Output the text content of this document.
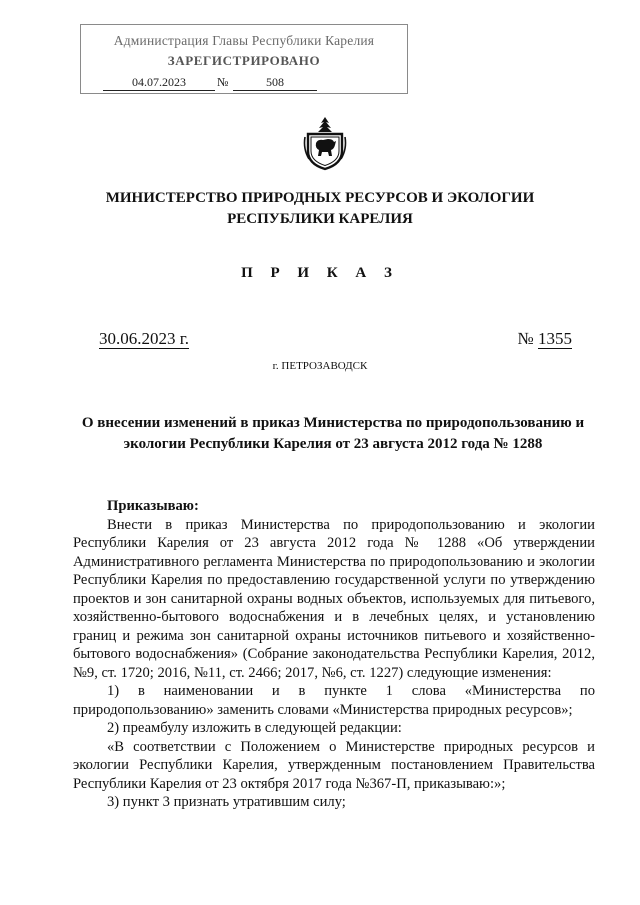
Администрация Главы Республики Карелия
ЗАРЕГИСТРИРОВАНО
04.07.2023	№	508
МИНИСТЕРСТВО ПРИРОДНЫХ РЕСУРСОВ И ЭКОЛОГИИ
РЕСПУБЛИКИ КАРЕЛИЯ
П Р И К А З
30.06.2023 г.	№ 1355
г. ПЕТРОЗАВОДСК
О внесении изменений в приказ Министерства по природопользованию и
экологии Республики Карелия от 23 августа 2012 года № 1288

Приказываю:

Внести в приказ Министерства по природопользованию и экологии Республики Карелия от 23 августа 2012 года № 1288 «Об утверждении Административного регламента Министерства по природопользованию и экологии Республики Карелия по предоставлению государственной услуги по утверждению проектов и зон санитарной охраны водных объектов, используемых для питьевого, хозяйственно-бытового водоснабжения и в лечебных целях, и установлению границ и режима зон санитарной охраны источников питьевого и хозяйственно-бытового водоснабжения» (Собрание законодательства Республики Карелия, 2012, №9, ст. 1720; 2016, №11, ст. 2466; 2017, №6, ст. 1227) следующие изменения:

1) в наименовании и в пункте 1 слова «Министерства по природопользованию» заменить словами «Министерства природных ресурсов»;

2) преамбулу изложить в следующей редакции:

«В соответствии с Положением о Министерстве природных ресурсов и экологии Республики Карелия, утвержденным постановлением Правительства Республики Карелия от 23 октября 2017 года №367-П, приказываю:»;

3) пункт 3 признать утратившим силу;
